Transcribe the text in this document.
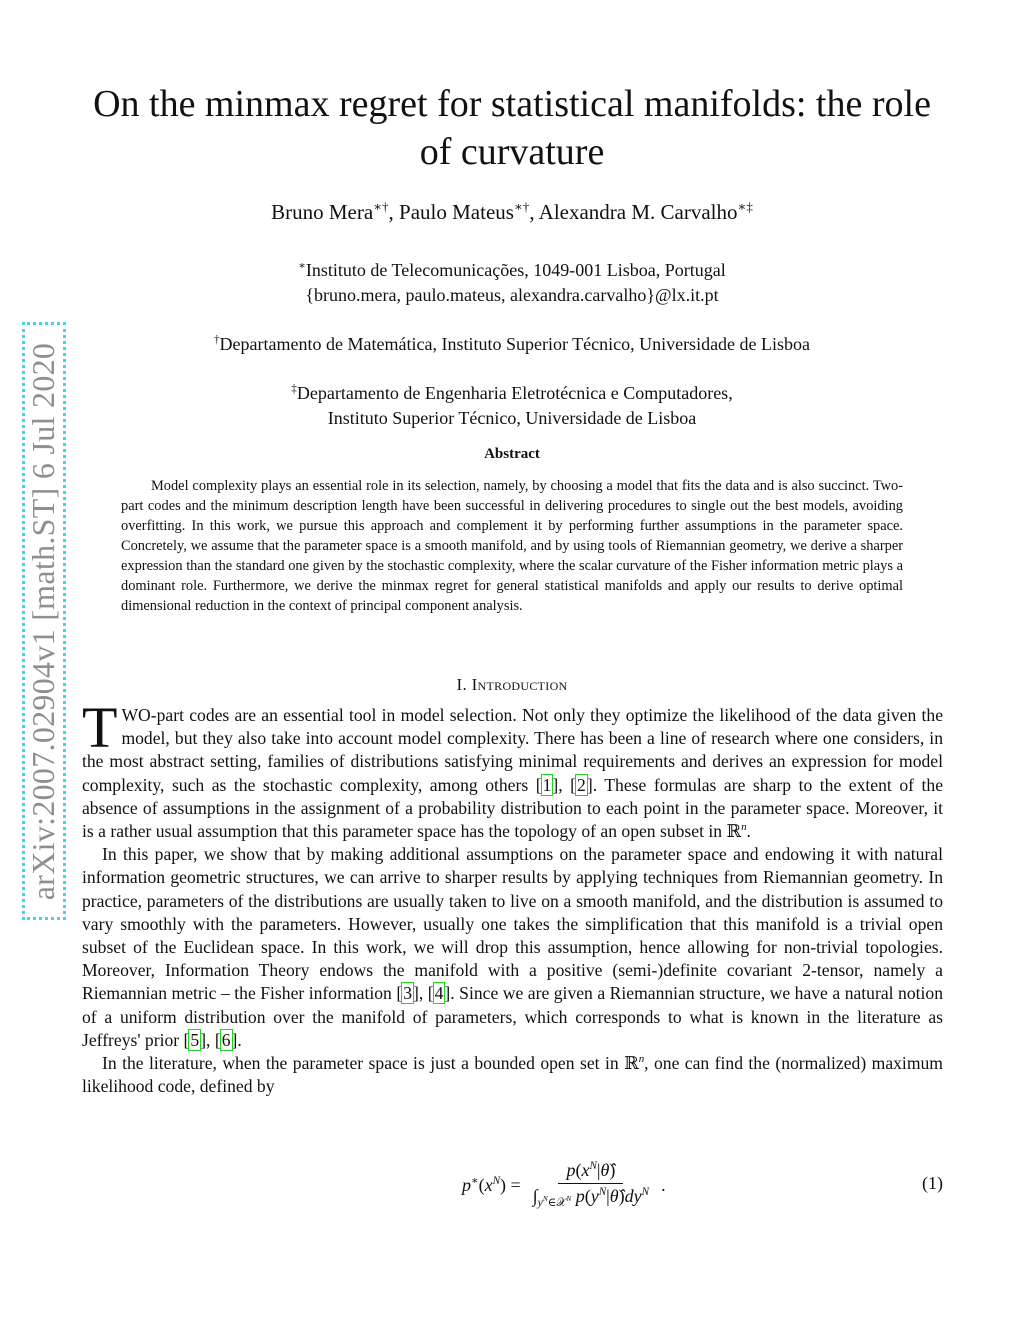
arXiv:2007.02904v1 [math.ST] 6 Jul 2020
On the minmax regret for statistical manifolds: the role of curvature
Bruno Mera∗†, Paulo Mateus∗†, Alexandra M. Carvalho∗‡
∗Instituto de Telecomunicações, 1049-001 Lisboa, Portugal
{bruno.mera, paulo.mateus, alexandra.carvalho}@lx.it.pt
†Departamento de Matemática, Instituto Superior Técnico, Universidade de Lisboa
‡Departamento de Engenharia Eletrotécnica e Computadores,
Instituto Superior Técnico, Universidade de Lisboa
Abstract

Model complexity plays an essential role in its selection, namely, by choosing a model that fits the data and is also succinct. Two-part codes and the minimum description length have been successful in delivering procedures to single out the best models, avoiding overfitting. In this work, we pursue this approach and complement it by performing further assumptions in the parameter space. Concretely, we assume that the parameter space is a smooth manifold, and by using tools of Riemannian geometry, we derive a sharper expression than the standard one given by the stochastic complexity, where the scalar curvature of the Fisher information metric plays a dominant role. Furthermore, we derive the minmax regret for general statistical manifolds and apply our results to derive optimal dimensional reduction in the context of principal component analysis.

I. Introduction

TWO-part codes are an essential tool in model selection. Not only they optimize the likelihood of the data given the model, but they also take into account model complexity. There has been a line of research where one considers, in the most abstract setting, families of distributions satisfying minimal requirements and derives an expression for model complexity, such as the stochastic complexity, among others [1], [2]. These formulas are sharp to the extent of the absence of assumptions in the assignment of a probability distribution to each point in the parameter space. Moreover, it is a rather usual assumption that this parameter space has the topology of an open subset in ℝ$^n$.

In this paper, we show that by making additional assumptions on the parameter space and endowing it with natural information geometric structures, we can arrive to sharper results by applying techniques from Riemannian geometry. In practice, parameters of the distributions are usually taken to live on a smooth manifold, and the distribution is assumed to vary smoothly with the parameters. However, usually one takes the simplification that this manifold is a trivial open subset of the Euclidean space. In this work, we will drop this assumption, hence allowing for non-trivial topologies. Moreover, Information Theory endows the manifold with a positive (semi-)definite covariant 2-tensor, namely a Riemannian metric – the Fisher information [3], [4]. Since we are given a Riemannian structure, we have a natural notion of a uniform distribution over the manifold of parameters, which corresponds to what is known in the literature as Jeffreys' prior [5], [6].

In the literature, when the parameter space is just a bounded open set in ℝ$^n$, one can find the (normalized) maximum likelihood code, defined by

$p^∗(x^N) = \frac{p(x^N|\thetâ)}{\int_{y^N\in 𝒳^N} p(y^N|\thetâ)dy^N}$ .	(1)
